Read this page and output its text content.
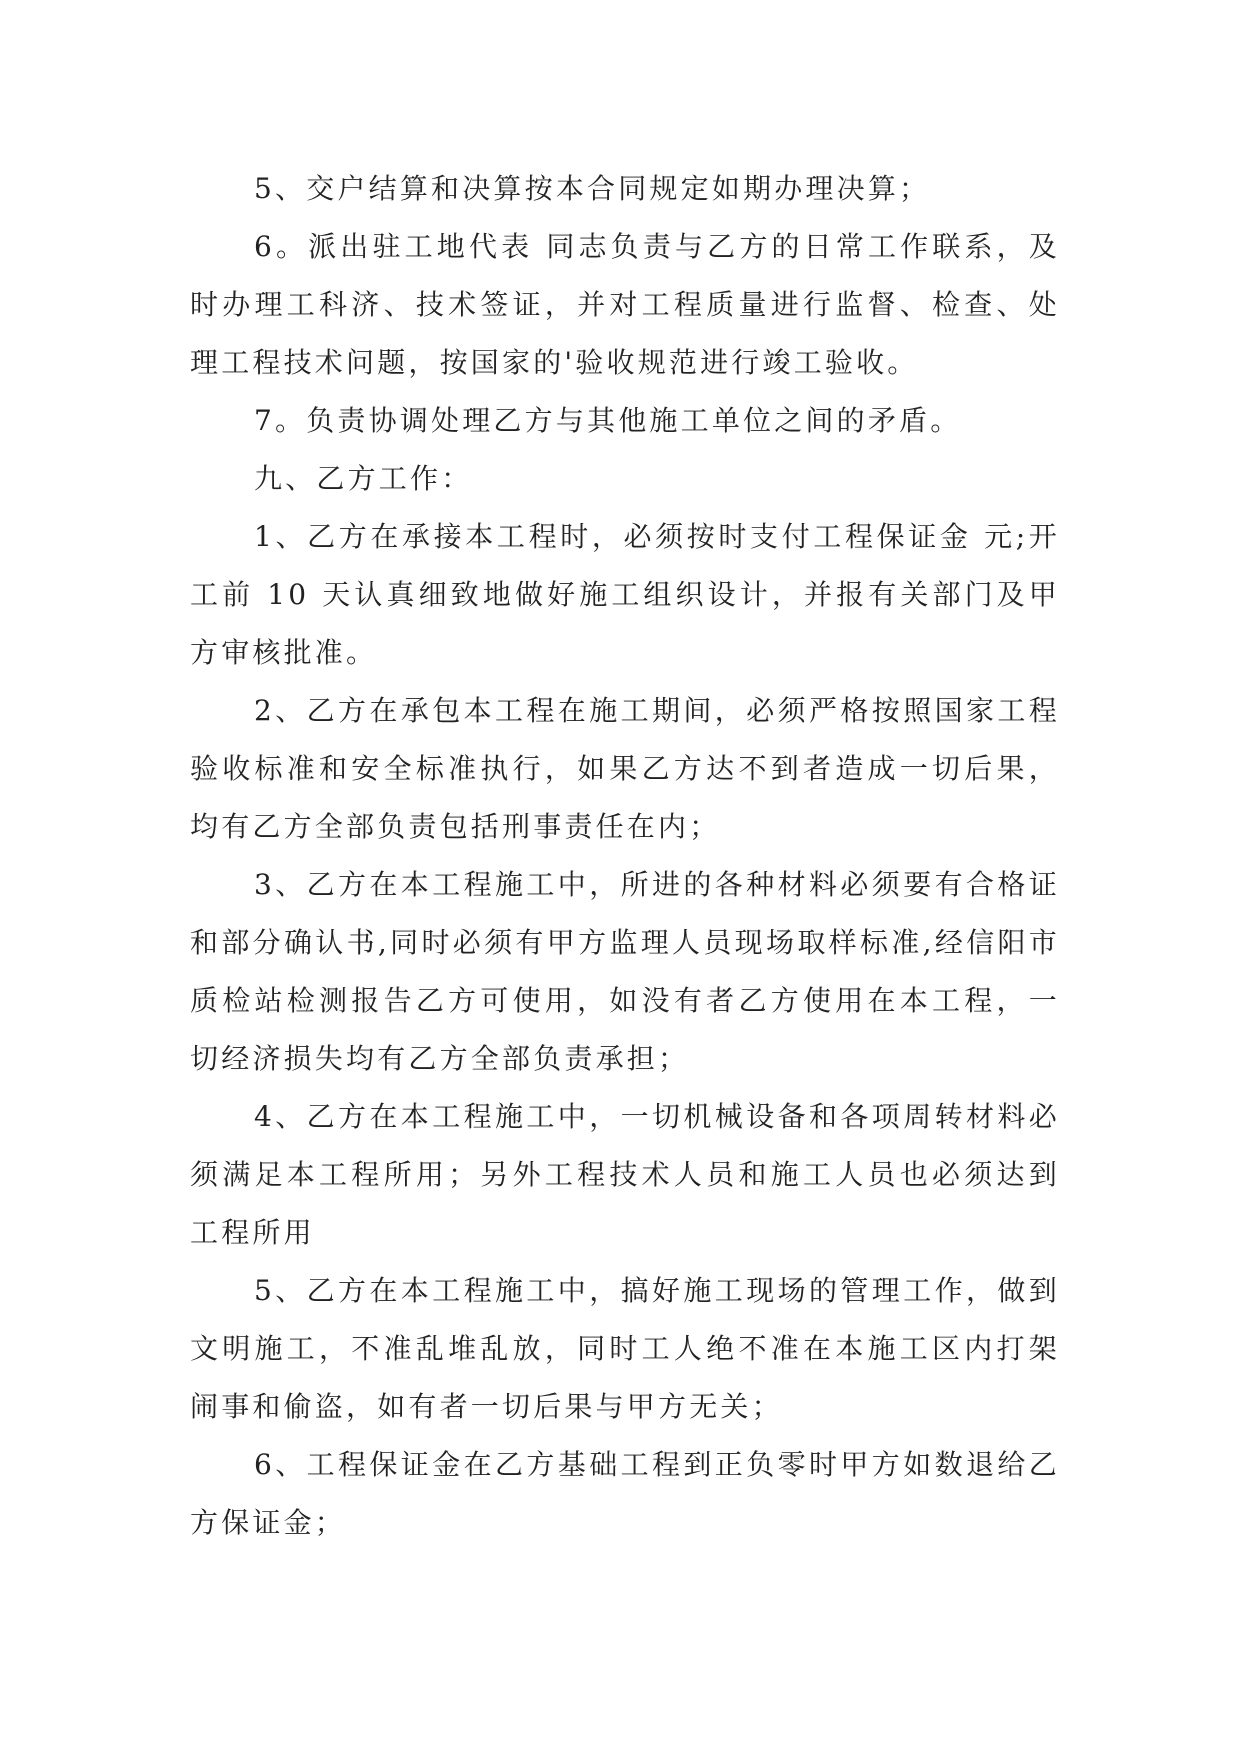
5、交户结算和决算按本合同规定如期办理决算；

6。派出驻工地代表 同志负责与乙方的日常工作联系，及时办理工科济、技术签证，并对工程质量进行监督、检查、处理工程技术问题，按国家的'验收规范进行竣工验收。

7。负责协调处理乙方与其他施工单位之间的矛盾。

九、乙方工作：

1、乙方在承接本工程时，必须按时支付工程保证金 元;开工前 10 天认真细致地做好施工组织设计，并报有关部门及甲方审核批准。

2、乙方在承包本工程在施工期间，必须严格按照国家工程验收标准和安全标准执行，如果乙方达不到者造成一切后果，均有乙方全部负责包括刑事责任在内；

3、乙方在本工程施工中，所进的各种材料必须要有合格证和部分确认书,同时必须有甲方监理人员现场取样标准,经信阳市质检站检测报告乙方可使用，如没有者乙方使用在本工程，一切经济损失均有乙方全部负责承担；

4、乙方在本工程施工中，一切机械设备和各项周转材料必须满足本工程所用；另外工程技术人员和施工人员也必须达到工程所用

5、乙方在本工程施工中，搞好施工现场的管理工作，做到文明施工，不准乱堆乱放，同时工人绝不准在本施工区内打架闹事和偷盗，如有者一切后果与甲方无关；

6、工程保证金在乙方基础工程到正负零时甲方如数退给乙方保证金；
